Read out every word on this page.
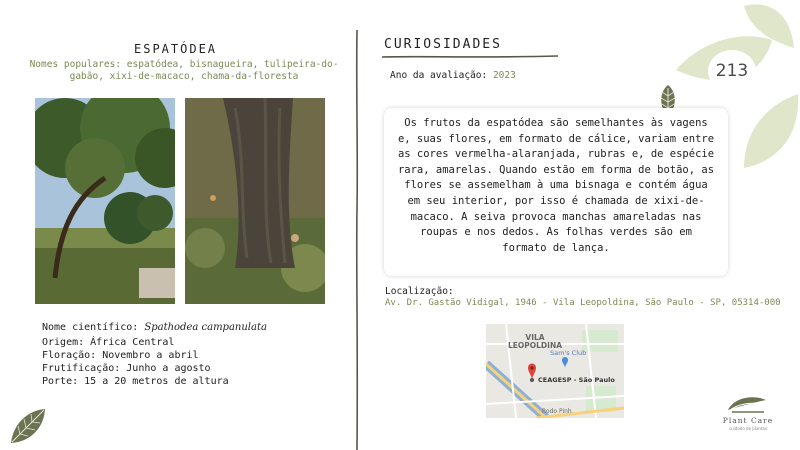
ESPATÓDEA
Nomes populares: espatódea, bisnagueira, tulipeira-do-gabão, xixi-de-macaco, chama-da-floresta
Nome científico: Spathodea campanulata
Origem: África Central
Floração: Novembro a abril
Frutificação: Junho a agosto
Porte: 15 a 20 metros de altura
CURIOSIDADES
Ano da avaliação: 2023	213
Os frutos da espatódea são semelhantes às vagens e, suas flores, em formato de cálice, variam entre as cores vermelha-alaranjada, rubras e, de espécie rara, amarelas. Quando estão em forma de botão, as flores se assemelham à uma bisnaga e contém água em seu interior, por isso é chamada de xixi-de-macaco. A seiva provoca manchas amareladas nas roupas e nos dedos. As folhas verdes são em formato de lança.
Localização:
Av. Dr. Gastão Vidigal, 1946 - Vila Leopoldina, São Paulo - SP, 05314-000
VILA
LEOPOLDINA
Sam's Club
CEAGESP - São Paulo
Rodo Pinh
Plant Care
cuidado de plantas
